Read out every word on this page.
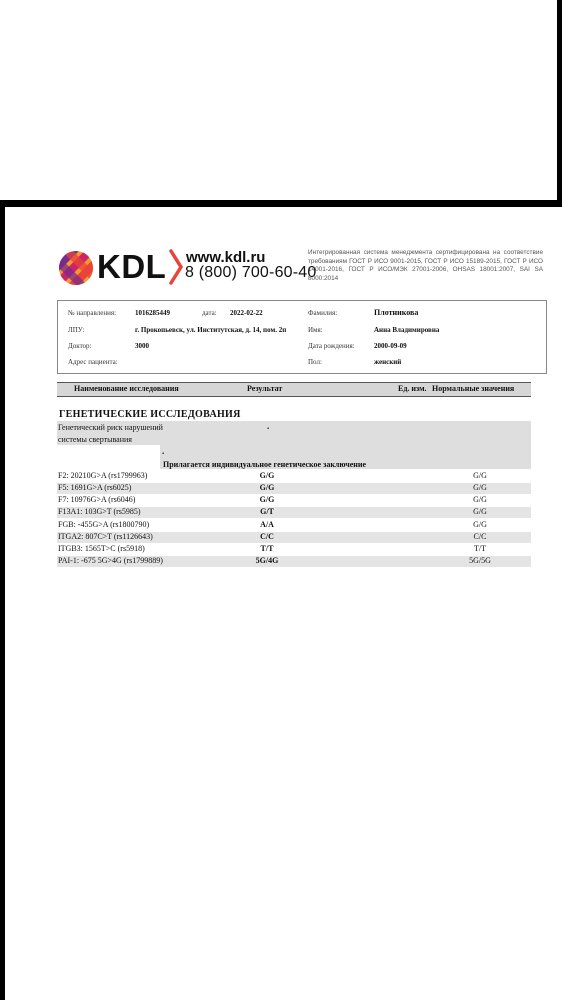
KDL www.kdl.ru
8 (800) 700-60-40
Интегрированная система менеджмента сертифицирована на соответствие требованиям ГОСТ Р ИСО 9001-2015, ГОСТ Р ИСО 15189-2015, ГОСТ Р ИСО 14001-2016, ГОСТ Р ИСО/МЭК 27001-2006, OHSAS 18001:2007, SAI SA 8000:2014
№ направления:	1016285449	дата: 2022-02-22	Фамилия:	Плотникова
ЛПУ:	г. Прокопьевск, ул. Институтская, д. 14, пом. 2п	Имя:	Анна Владимировна
Доктор:	3000	Дата рождения:	2000-09-09
Адрес пациента:	Пол:	женский
Наименование исследования	Результат	Ед. изм. Нормальные значения
ГЕНЕТИЧЕСКИЕ ИССЛЕДОВАНИЯ
Генетический риск нарушений
системы свертывания
.
.
Прилагается индивидуальное генетическое заключение
F2: 20210G>A (rs1799963)	G/G	G/G
F5: 1691G>A (rs6025)	G/G	G/G
F7: 10976G>A (rs6046)	G/G	G/G
F13A1: 103G>T (rs5985)	G/T	G/G
FGB: -455G>A (rs1800790)	A/A	G/G
ITGA2: 807C>T (rs1126643)	C/C	C/C
ITGB3: 1565T>C (rs5918)	T/T	T/T
PAI-1: -675 5G>4G (rs1799889)	5G/4G	5G/5G
